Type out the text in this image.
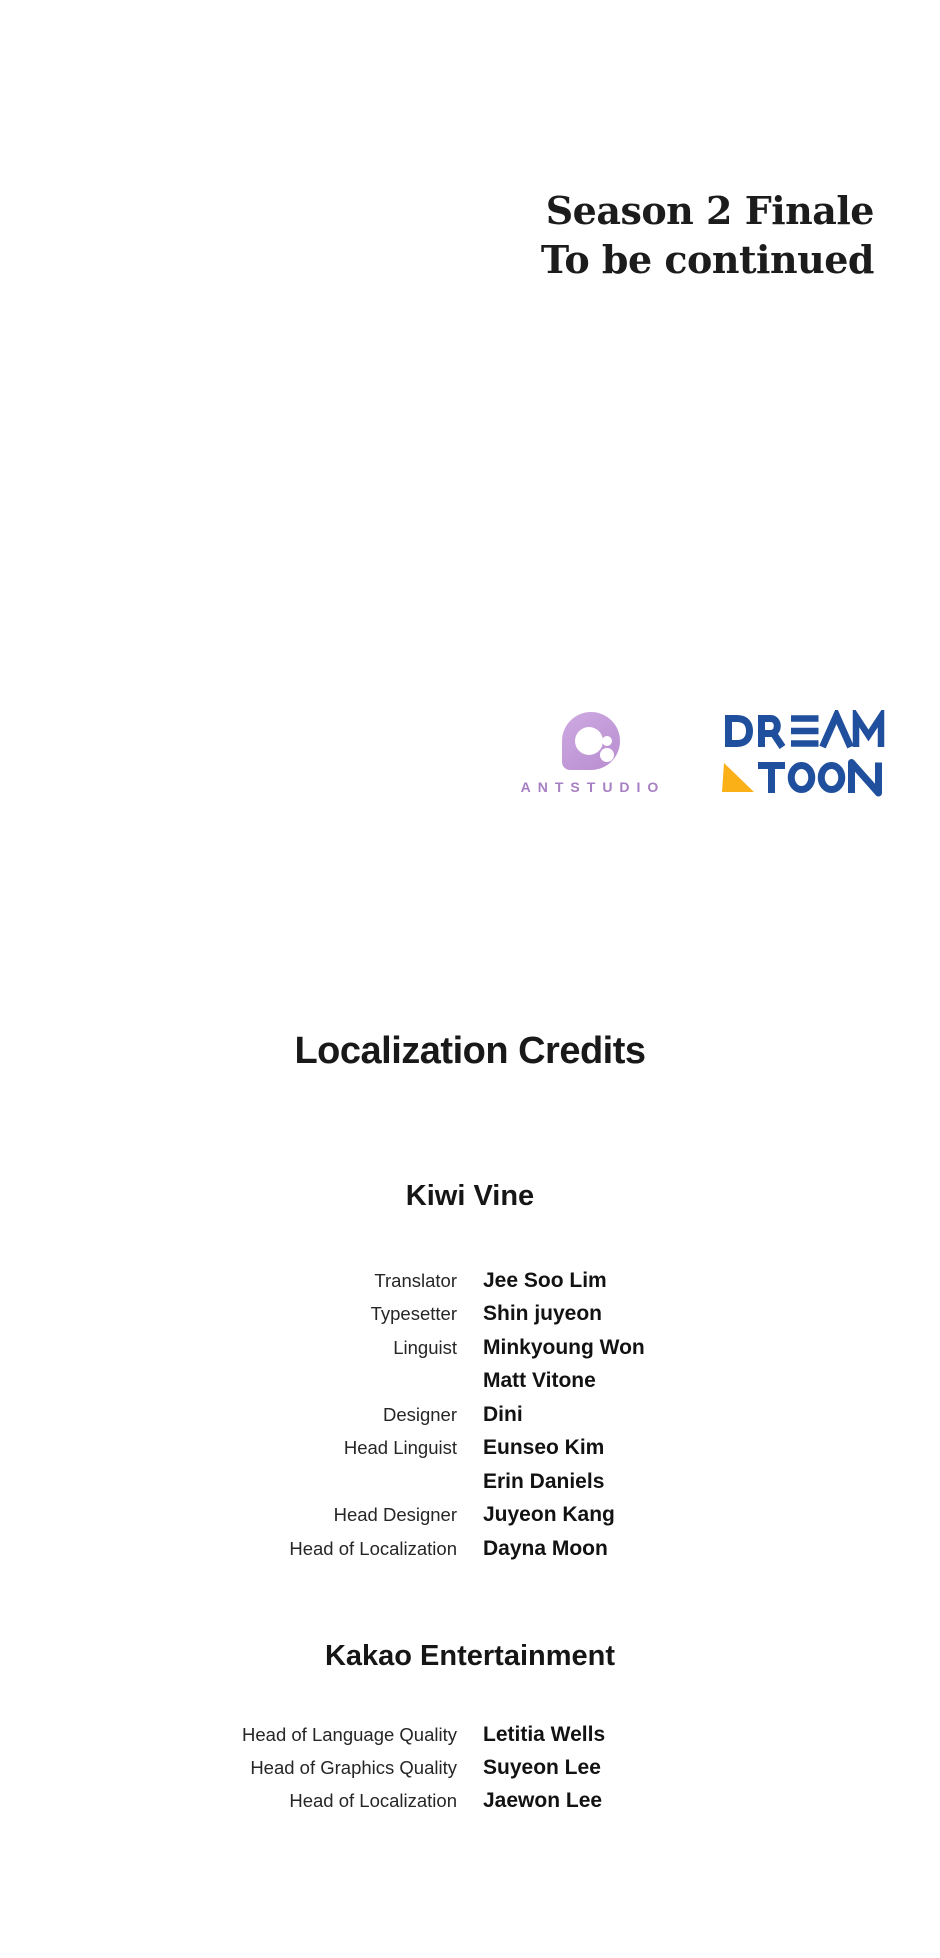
Season 2 Finale
To be continued
ANTSTUDIO
Localization Credits
Kiwi Vine
Translator Jee Soo Lim
Typesetter Shin juyeon
Linguist Minkyoung Won
Matt Vitone
Designer Dini
Head Linguist Eunseo Kim
Erin Daniels
Head Designer Juyeon Kang
Head of Localization Dayna Moon
Kakao Entertainment
Head of Language Quality Letitia Wells
Head of Graphics Quality Suyeon Lee
Head of Localization Jaewon Lee
